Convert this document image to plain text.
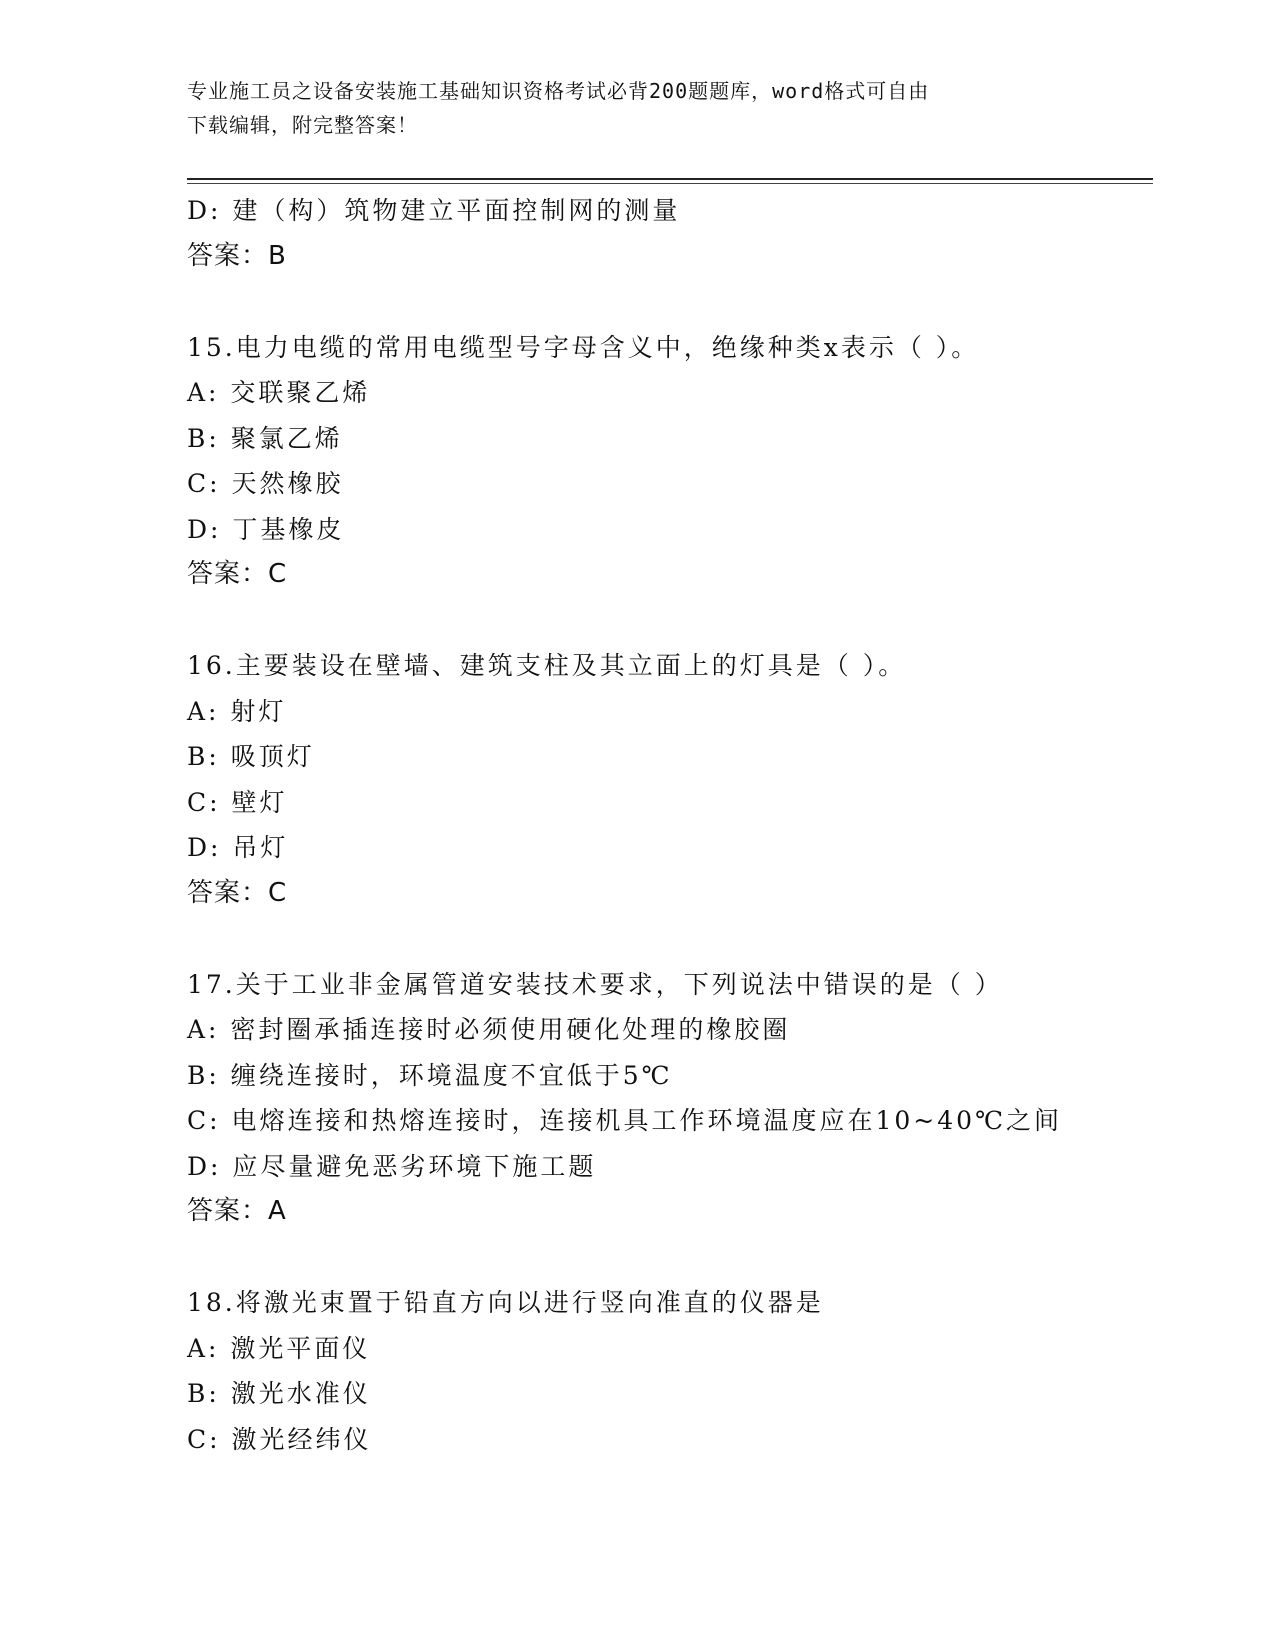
专业施工员之设备安装施工基础知识资格考试必背200题题库，word格式可自由
下载编辑，附完整答案！
D: 建（构）筑物建立平面控制网的测量
答案：B
15.电力电缆的常用电缆型号字母含义中，绝缘种类x表示（ ）。
A: 交联聚乙烯
B: 聚氯乙烯
C: 天然橡胶
D: 丁基橡皮
答案：C
16.主要装设在壁墙、建筑支柱及其立面上的灯具是（ ）。
A: 射灯
B: 吸顶灯
C: 壁灯
D: 吊灯
答案：C
17.关于工业非金属管道安装技术要求，下列说法中错误的是（ ）
A: 密封圈承插连接时必须使用硬化处理的橡胶圈
B: 缠绕连接时，环境温度不宜低于5℃
C: 电熔连接和热熔连接时，连接机具工作环境温度应在10~40℃之间
D: 应尽量避免恶劣环境下施工题
答案：A
18.将激光束置于铅直方向以进行竖向准直的仪器是
A: 激光平面仪
B: 激光水准仪
C: 激光经纬仪
